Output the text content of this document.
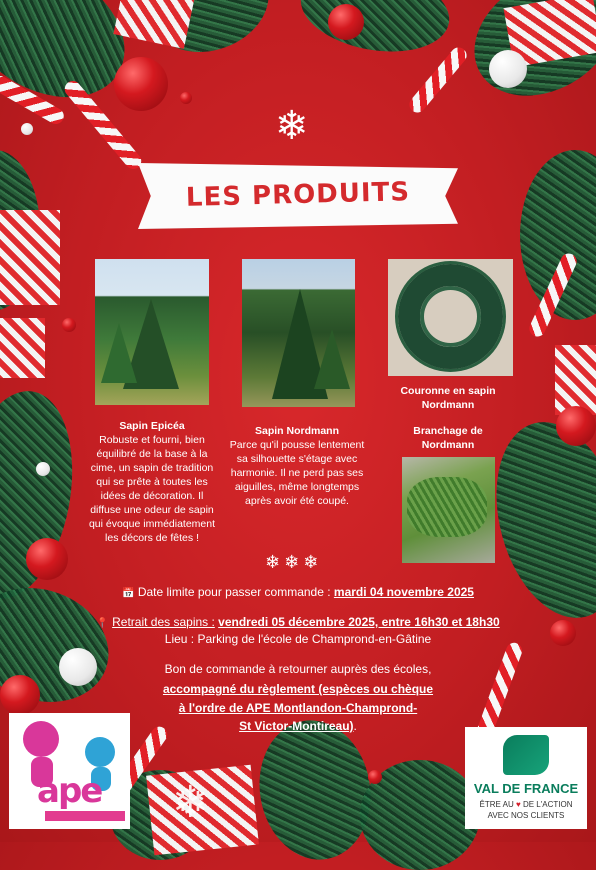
❄
❄
LES PRODUITS
Sapin Epicéa
Robuste et fourni, bien équilibré de la base à la cime, un sapin de tradition qui se prête à toutes les idées de décoration. Il diffuse une odeur de sapin qui évoque immédiatement les décors de fêtes !
Sapin Nordmann
Parce qu'il pousse lentement sa silhouette s'étage avec harmonie. Il ne perd pas ses aiguilles, même longtemps après avoir été coupé.
Couronne en sapin Nordmann
Branchage de Nordmann
❄❄❄
📅 Date limite pour passer commande : mardi 04 novembre 2025
📍 Retrait des sapins : vendredi 05 décembre 2025, entre 16h30 et 18h30
Lieu : Parking de l'école de Champrond-en-Gâtine
Bon de commande à retourner auprès des écoles,
accompagné du règlement (espèces ou chèque
à l'ordre de APE Montlandon-Champrond-
St Victor-Montireau).
ape	VAL DE FRANCE
ÊTRE AU ♥ DE L'ACTION
AVEC NOS CLIENTS
